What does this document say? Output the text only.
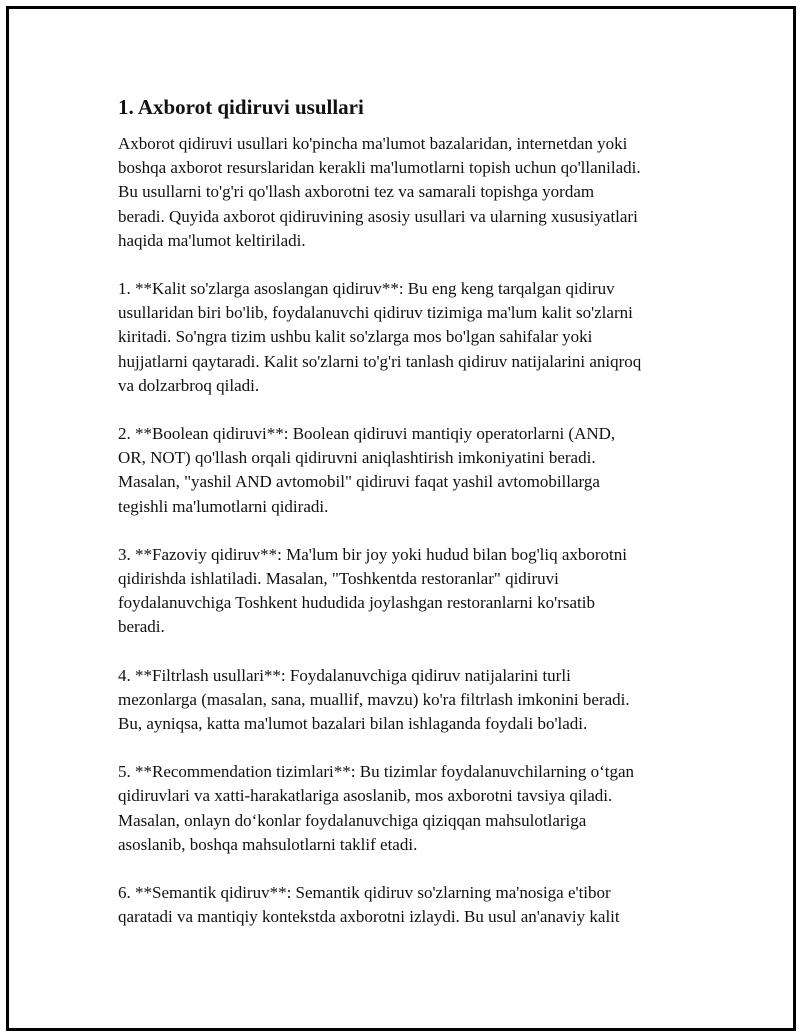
1. Axborot qidiruvi usullari
Axborot qidiruvi usullari ko'pincha ma'lumot bazalaridan, internetdan yoki
boshqa axborot resurslaridan kerakli ma'lumotlarni topish uchun qo'llaniladi.
Bu usullarni to'g'ri qo'llash axborotni tez va samarali topishga yordam
beradi. Quyida axborot qidiruvining asosiy usullari va ularning xususiyatlari
haqida ma'lumot keltiriladi.
1. **Kalit so'zlarga asoslangan qidiruv**: Bu eng keng tarqalgan qidiruv
usullaridan biri bo'lib, foydalanuvchi qidiruv tizimiga ma'lum kalit so'zlarni
kiritadi. So'ngra tizim ushbu kalit so'zlarga mos bo'lgan sahifalar yoki
hujjatlarni qaytaradi. Kalit so'zlarni to'g'ri tanlash qidiruv natijalarini aniqroq
va dolzarbroq qiladi.
2. **Boolean qidiruvi**: Boolean qidiruvi mantiqiy operatorlarni (AND,
OR, NOT) qo'llash orqali qidiruvni aniqlashtirish imkoniyatini beradi.
Masalan, "yashil AND avtomobil" qidiruvi faqat yashil avtomobillarga
tegishli ma'lumotlarni qidiradi.
3. **Fazoviy qidiruv**: Ma'lum bir joy yoki hudud bilan bog'liq axborotni
qidirishda ishlatiladi. Masalan, "Toshkentda restoranlar" qidiruvi
foydalanuvchiga Toshkent hududida joylashgan restoranlarni ko'rsatib
beradi.
4. **Filtrlash usullari**: Foydalanuvchiga qidiruv natijalarini turli
mezonlarga (masalan, sana, muallif, mavzu) ko'ra filtrlash imkonini beradi.
Bu, ayniqsa, katta ma'lumot bazalari bilan ishlaganda foydali bo'ladi.
5. **Recommendation tizimlari**: Bu tizimlar foydalanuvchilarning o‘tgan
qidiruvlari va xatti-harakatlariga asoslanib, mos axborotni tavsiya qiladi.
Masalan, onlayn do‘konlar foydalanuvchiga qiziqqan mahsulotlariga
asoslanib, boshqa mahsulotlarni taklif etadi.
6. **Semantik qidiruv**: Semantik qidiruv so'zlarning ma'nosiga e'tibor
qaratadi va mantiqiy kontekstda axborotni izlaydi. Bu usul an'anaviy kalit
